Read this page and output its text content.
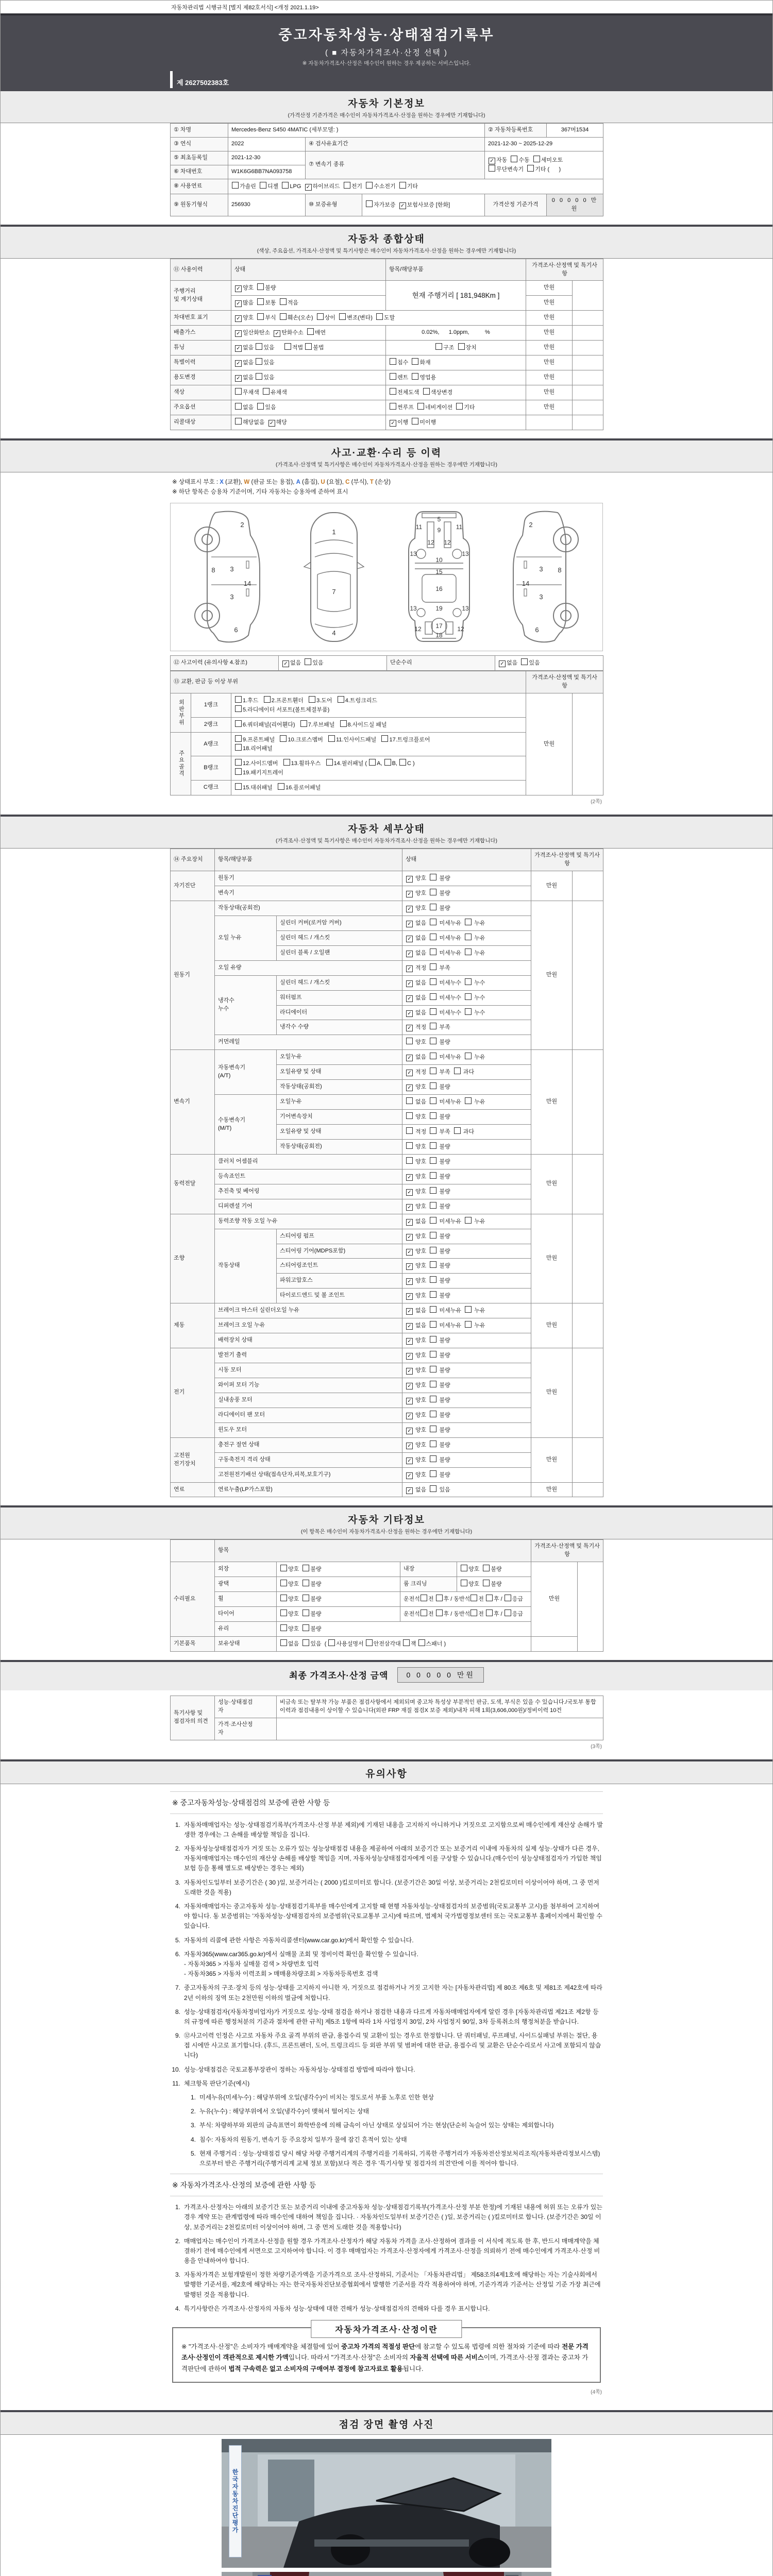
자동차관리법 시행규칙 [별지 제82호서식] <개정 2021.1.19>
중고자동차성능·상태점검기록부
( ■ 자동차가격조사·산정 선택 )
※ 자동차가격조사·산정은 매수인이 원하는 경우 제공하는 서비스입니다.
제 2627502383호
자동차 기본정보
(가격산정 기준가격은 매수인이 자동차가격조사·산정을 원하는 경우에만 기재합니다)
① 차명	Mercedes-Benz S450 4MATIC (세부모델: )			② 자동차등록번호	367머1534
③ 연식	2022	④ 검사유효기간		2021-12-30 ~ 2025-12-29	
⑤ 최초등록일	2021-12-30	⑦ 변속기 종류		✓ 자동  수동  세미오토
무단변속기  기타 (      )	
⑥ 차대번호	W1K6G6BB7NA093758				
⑧ 사용연료	가솔린  디젤  LPG  ✓ 하이브리드  전기  수소전기  기타				
⑨ 원동기형식	256930	⑩ 보증유형	자가보증  ✓ 보험사보증 [한화]	가격산정 기준가격	0 0 0 0 0 만원
자동차 종합상태
(색상, 주요옵션, 가격조사·산정액 및 특기사항은 매수인이 자동차가격조사·산정을 원하는 경우에만 기재합니다)
⑪ 사용이력	상태	항목/해당부품	가격조사·산정액 및 특기사항	
주행거리
및 계기상태	✓ 양호  불량	현재 주행거리 [ 181,948Km ]	만원	
	✓ 많음  보통  적음		만원	
차대번호 표기	✓ 양호  부식  훼손(오손)  상이  변조(변타)  도말		만원	
배출가스	✓ 일산화탄소  ✓ 탄화수소  매연	0.02%,      1.0ppm,          %	만원	
튜닝	✓ 없음 있음      적법 불법	구조  장치	만원	
특별이력	✓ 없음 있음	침수  화재	만원	
용도변경	✓ 없음 있음	렌트  영업용	만원	
색상	무채색  유채색	전체도색  색상변경	만원	
주요옵션	없음  있음	썬루프  네비게이션  기타	만원	
리콜대상	해당없음  ✓ 해당	✓ 이행  미이행		
사고·교환·수리 등 이력
(가격조사·산정액 및 특기사항은 매수인이 자동차가격조사·산정을 원하는 경우에만 기재합니다)
※ 상태표시 부호 : X (교환), W (판금 또는 용접), A (흠집), U (요철), C (부식), T (손상)
※ 하단 항목은 승용차 기준이며, 기타 자동차는 승용차에 준하여 표시
2
8 3
3
14
6
1
7
4
5
9
11	11
13	13
12 12
10
15
16
13	13
12	12
19
17
18
2
8
3
3
14
6
⑫ 사고이력 (유의사항 4.참조)	✓ 없음  있음	단순수리	✓ 없음  있음
⑬ 교환, 판금 등 이상 부위			가격조사·산정액 및 특기사항	
외판부위	1랭크	1.후드   2.프론트휀더   3.도어   4.트렁크리드
5.라디에이터 서포트(볼트체결부품)	만원	
	2랭크	6.쿼터패널(리어휀다)   7.루브패널   8.사이드실 패널		
주요골격	A랭크	9.프론트패널   10.크로스멤버   11.인사이드패널   17.트렁크플로어
18.리어패널		
	B랭크	12.사이드멤버   13.휠하우스   14.필러패널 ( A, B, C )
19.패키지트레이		
	C랭크	15.대쉬패널   16.플로어패널		
(2쪽)
자동차 세부상태
(가격조사·산정액 및 특기사항은 매수인이 자동차가격조사·산정을 원하는 경우에만 기재합니다)
⑭ 주요장치	항목/해당부품		상태	가격조사·산정액 및 특기사항	
자기진단	원동기		✓ 양호   불량	만원	
	변속기		✓ 양호   불량		
원동기	작동상태(공회전)		✓ 양호   불량	만원	
	오일 누유	실린더 커버(로커암 커버)	✓ 없음   미세누유   누유		
		실린더 헤드 / 개스킷	✓ 없음   미세누유   누유		
		실린더 블록 / 오일팬	✓ 없음   미세누유   누유		
	오일 유량		✓ 적정   부족		
	냉각수
누수	실린더 헤드 / 개스킷	✓ 없음   미세누수   누수		
		워터펌프	✓ 없음   미세누수   누수		
		라디에이터	✓ 없음   미세누수   누수		
		냉각수 수량	✓ 적정   부족		
	커먼레일		양호   불량		
변속기	자동변속기
(A/T)	오일누유	✓ 없음   미세누유   누유	만원	
		오일유량 및 상태	✓ 적정   부족   과다		
		작동상태(공회전)	✓ 양호   불량		
	수동변속기
(M/T)	오일누유	없음   미세누유   누유		
		기어변속장치	양호   불량		
		오일유량 및 상태	적정   부족   과다		
		작동상태(공회전)	양호   불량		
동력전달	클러치 어셈블리		양호   불량	만원	
	등속죠인트		✓ 양호   불량		
	추진축 및 베어링		✓ 양호   불량		
	디퍼렌셜 기어		✓ 양호   불량		
조향	동력조향 작동 오일 누유		✓ 없음   미세누유   누유	만원	
	작동상태	스티어링 펌프	✓ 양호   불량		
		스티어링 기어(MDPS포함)	✓ 양호   불량		
		스티어링조인트	✓ 양호   불량		
		파워고압호스	✓ 양호   불량		
		타이로드엔드 및 볼 조인트	✓ 양호   불량		
제동	브레이크 마스터 실린더오일 누유		✓ 없음   미세누유   누유	만원	
	브레이크 오일 누유		✓ 없음   미세누유   누유		
	배력장치 상태		✓ 양호   불량		
전기	발전기 출력		✓ 양호   불량	만원	
	시동 모터		✓ 양호   불량		
	와이퍼 모터 기능		✓ 양호   불량		
	실내송풍 모터		✓ 양호   불량		
	라디에이터 팬 모터		✓ 양호   불량		
	윈도우 모터		✓ 양호   불량		
고전원
전기장치	충전구 절연 상태		✓ 양호   불량	만원	
	구동축전지 격리 상태		✓ 양호   불량		
	고전원전기배선 상태(접속단자,피복,보호기구)		✓ 양호   불량		
연료	연료누출(LP가스포함)		✓ 없음   있음	만원	
자동차 기타정보
(이 항목은 매수인이 자동차가격조사·산정을 원하는 경우에만 기재합니다)
	항목				가격조사·산정액 및 특기사항	
수리필요	외장	양호  불량	내장	양호  불량	만원	
	광택	양호  불량	룸 크리닝	양호  불량		
	휠	양호  불량	운전석 전 후 / 동반석 전 후 / 응급			
	타이어	양호  불량	운전석 전 후 / 동반석 전 후 / 응급			
	유리	양호  불량				
기본품목	보유상태	없음  있음  ( 사용설명서 안전삼각대 잭 스패너 )				
최종 가격조사·산정 금액	0 0 0 0 0 만원
특기사항 및
점검자의 의견	성능·상태점검
자	비금속 또는 탈부착 가능 부품은 점검사항에서 제외되며 중고차 특성상 부분적인 판금, 도색, 부식은 있을 수 있습니다./국토부 통합이력과 점검내용이 상이할 수 있습니다(외판 FRP 재질 점검X 보증 제외)/내차 피해 1회(3,606,000원)/정비이력 10건
	가격·조사산정
자	

(3쪽)
유의사항
※ 중고자동차성능·상태점검의 보증에 관한 사항 등
1. 자동차매매업자는 성능·상태점검기록부(가격조사·산정 부분 제외)에 기재된 내용을 고지하지 아니하거나 거짓으로 고지함으로써 매수인에게 재산상 손해가 발생한 경우에는 그 손해를 배상할 책임을 집니다.
2. 자동차성능상태점검자가 거짓 또는 오류가 있는 성능상태점검 내용을 제공하여 아래의 보증기간 또는 보증거리 이내에 자동차의 실제 성능·상태가 다른 경우, 자동차매매업자는 매수인의 재산상 손해를 배상할 책임을 지며, 자동차성능상태점검자에게 이를 구상할 수 있습니다.(매수인이 성능상태점검자가 가입한 책임보험 등을 통해 별도로 배상받는 경우는 제외)
3. 자동차인도일부터 보증기간은 ( 30 )일, 보증거리는 ( 2000 )킬로미터로 합니다. (보증기간은 30일 이상, 보증거리는 2천킬로미터 이상이어야 하며, 그 중 먼저 도래한 것을 적용)
4. 자동차매매업자는 중고자동차 성능·상태점검기록부를 매수인에게 고지할 때 현행 자동차성능·상태점검자의 보증범위(국토교통부 고시)를 첨부하여 고지하여야 합니다. 동 보증범위는 '자동차성능·상태점검자의 보증범위'(국토교통부 고시)에 따르며, 법제처 국가법령정보센터 또는 국토교통부 홈페이지에서 확인할 수 있습니다.
5. 자동차의 리콜에 관한 사항은 자동차리콜센터(www.car.go.kr)에서 확인할 수 있습니다.
6. 자동차365(www.car365.go.kr)에서 실매물 조회 및 정비이력 확인을 확인할 수 있습니다.
- 자동차365 > 자동차 실매물 검색 > 차량번호 입력
- 자동차365 > 자동차 이력조회 > 매매용차량조회 > 자동차등록번호 검색
7. 중고자동차의 구조·장치 등의 성능·상태를 고지하지 아니한 자, 거짓으로 점검하거나 거짓 고지한 자는 [자동차관리법] 제 80조 제6호 및 제81조 제42호에 따라 2년 이하의 징역 또는 2천만원 이하의 벌금에 처합니다.
8. 성능·상태점검자(자동차정비업자)가 거짓으로 성능·상태 점검을 하거나 점검한 내용과 다르게 자동차매매업자에게 알린 경우 [자동차관리법 제21조 제2항 등의 규정에 따른 행정처분의 기준과 절차에 관한 규칙] 제5조 1항에 따라 1차 사업정지 30일, 2차 사업정지 90일, 3차 등록취소의 행정처분을 받습니다.
9. ⑫사고이력 인정은 사고로 자동차 주요 골격 부위의 판금, 용접수리 및 교환이 있는 경우로 한정합니다. 단 쿼터패널, 루프패널, 사이드실패널 부위는 절단, 용접 시에만 사고로 표기합니다. (후드, 프론트펜더, 도어, 트렁크리드 등 외판 부위 및 범퍼에 대한 판금, 용접수리 및 교환은 단순수리로서 사고에 포함되지 않습니다)
10. 성능·상태점검은 국토교통부장관이 정하는 자동차성능·상태점검 방법에 따라야 합니다.
11. 체크항목 판단기준(예시)
1. 미세누유(미세누수) : 해당부위에 오일(냉각수)이 비치는 정도로서 부품 노후로 인한 현상
2. 누유(누수) : 해당부위에서 오일(냉각수)이 맺혀서 떨어지는 상태
3. 부식: 차량하부와 외판의 금속표면이 화학반응에 의해 금속이 아닌 상태로 상실되어 가는 현상(단순히 녹슬어 있는 상태는 제외합니다)
4. 침수: 자동차의 원동기, 변속기 등 주요장치 일부가 물에 잠긴 흔적이 있는 상태
5. 현재 주행거리 : 성능·상태점검 당시 해당 차량 주행거리계의 주행거리를 기록하되, 기록한 주행거리가 자동차전산정보처리조직(자동차관리정보시스템)으로부터 받은 주행거리(주행거리계 교체 정보 포함)보다 적은 경우 '특기사항 및 점검자의 의견'란에 이를 적어야 합니다.
※ 자동차가격조사·산정의 보증에 관한 사항 등
1. 가격조사·산정자는 아래의 보증기간 또는 보증거리 이내에 중고자동차 성능·상태점검기록부(가격조사·산정 부분 한정)에 기재된 내용에 허위 또는 오류가 있는 경우 계약 또는 관계법령에 따라 매수인에 대하여 책임을 집니다. · 자동차인도일부터 보증기간은 ( )일, 보증거리는 ( )킬로미터로 합니다. (보증기간은 30일 이상, 보증거리는 2천킬로미터 이상이어야 하며, 그 중 먼저 도래한 것을 적용합니다)
2. 매매업자는 매수인이 가격조사·산정을 원할 경우 가격조사·산정자가 해당 자동차 가격을 조사·산정하여 결과를 이 서식에 적도록 한 후, 반드시 매매계약을 체결하기 전에 매수인에게 서면으로 고지하여야 합니다. 이 경우 매매업자는 가격조사·산정자에게 가격조사·산정을 의뢰하기 전에 매수인에게 가격조사·산정 비용을 안내하여야 합니다.
3. 자동차가격은 보험개발원이 정한 차량기준가액을 기준가격으로 조사·산정하되, 기준서는 「자동차관리법」 제58조의4제1호에 해당하는 자는 기술사회에서 발행한 기준서를, 제2호에 해당하는 자는 한국자동차진단보증협회에서 발행한 기준서를 각각 적용하여야 하며, 기준가격과 기준서는 산정일 기준 가장 최근에 발행된 것을 적용합니다.
4. 특기사항란은 가격조사·산정자의 자동차 성능·상태에 대한 견해가 성능·상태점검자의 견해와 다를 경우 표시합니다.
자동차가격조사·산정이란
※ "가격조사·산정"은 소비자가 매매계약을 체결함에 있어 중고차 가격의 적절성 판단에 참고할 수 있도록 법령에 의한 절차와 기준에 따라 전문 가격조사·산정인이 객관적으로 제시한 가액입니다. 따라서 "가격조사·산정"은 소비자의 자율적 선택에 따른 서비스이며, 가격조사·산정 결과는 중고차 가격판단에 관하여 법적 구속력은 없고 소비자의 구매여부 결정에 참고자료로 활용됩니다.
(4쪽)
점검 장면 촬영 사진
한국자동차진단평가
